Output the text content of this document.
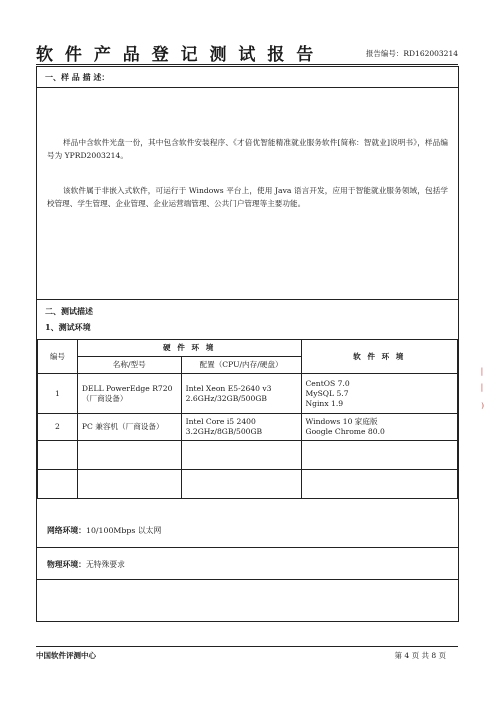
软 件 产 品 登 记 测 试 报 告	报告编号：RD162003214
一、样 品 描 述：
样品中含软件光盘一份，其中包含软件安装程序、《才倍优智能精准就业服务软件[简称：智就业]说明书》，样品编号为 YPRD2003214。
该软件属于非嵌入式软件，可运行于 Windows 平台上，使用 Java 语言开发，应用于智能就业服务领域，包括学校管理、学生管理、企业管理、企业运营端管理、公共门户管理等主要功能。
二、测试描述
1、测试环境
编号	硬 件 环 境		软 件 环 境
	名称/型号	配置（CPU/内存/硬盘）	
1	DELL PowerEdge R720（厂商设备）	Intel Xeon E5-2640 v3 2.6GHz/32GB/500GB	CentOS 7.0
MySQL 5.7
Nginx 1.9

2	PC 兼容机（厂商设备）	Intel Core i5 2400 3.2GHz/8GB/500GB	Windows 10 家庭版
Google Chrome 80.0

网络环境：10/100Mbps 以太网
物理环境：无特殊要求
│
│
)
中国软件评测中心	第 4 页 共 8 页
